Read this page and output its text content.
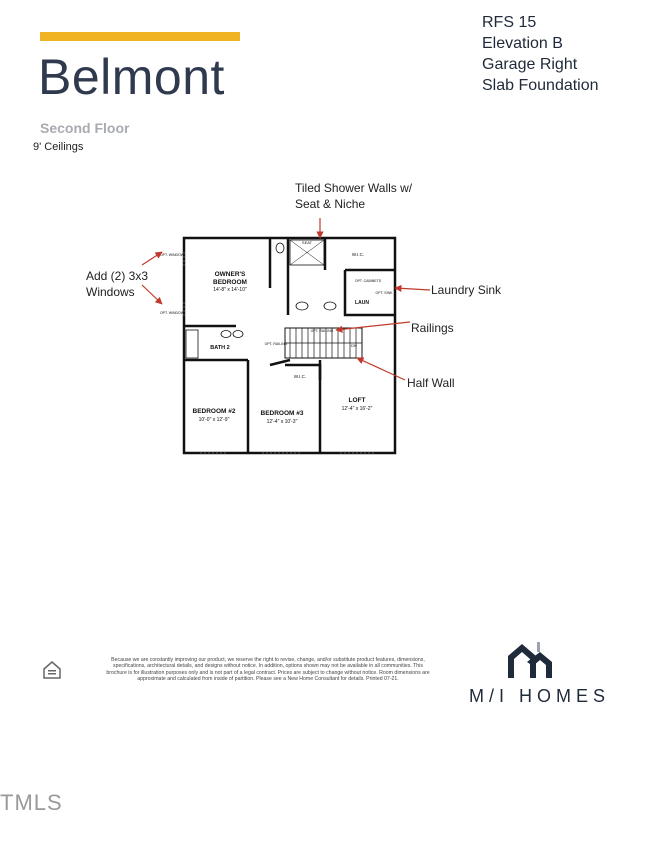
Belmont
RFS 15
Elevation B
Garage Right
Slab Foundation
Second Floor
9' Ceilings
Tiled Shower Walls w/
Seat & Niche
Add (2) 3x3
Windows	Laundry Sink
Railings
Half Wall
OWNER'S
BEDROOM
14'-8" x 14'-10"
BATH 2
BEDROOM #2
10'-0" x 12'-9"
BEDROOM #3
12'-4" x 10'-3"
LOFT
12'-4" x 16'-2"
W.I.C.
W.I.C.
LAUN
SEAT
DN
OPT. WINDOW
OPT. WINDOW
OPT. RAILING
OPT. RAILING
OPT. CABINETS
OPT. SINK
Because we are constantly improving our product, we reserve the right to revise, change, and/or substitute product features, dimensions, specifications, architectural details, and designs without notice. In addition, options shown may not be available in all communities. This brochure is for illustration purposes only and is not part of a legal contract. Prices are subject to change without notice. Room dimensions are approximate and calculated from inside of partition. Please see a New Home Consultant for details. Printed 07-21.
M/I HOMES
TMLS
